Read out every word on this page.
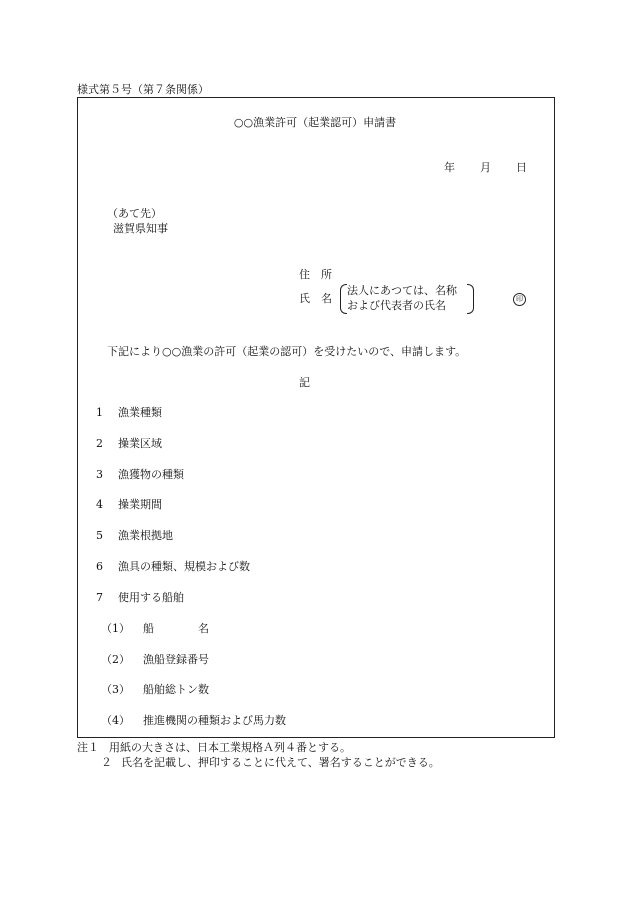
様式第５号（第７条関係）
○○漁業許可（起業認可）申請書
年 月 日
（あて先）
滋賀県知事
住　所
氏　名
法人にあつては、名称
および代表者の氏名	印
下記により○○漁業の許可（起業の認可）を受けたいので、申請します。
記
1 漁業種類
2 操業区域
3 漁獲物の種類
4 操業期間
5 漁業根拠地
6 漁具の種類、規模および数
7 使用する船舶
（1） 船　　　　名
（2） 漁船登録番号
（3） 船舶総トン数
（4） 推進機関の種類および馬力数
注１ 用紙の大きさは、日本工業規格Ａ列４番とする。
２ 氏名を記載し、押印することに代えて、署名することができる。
